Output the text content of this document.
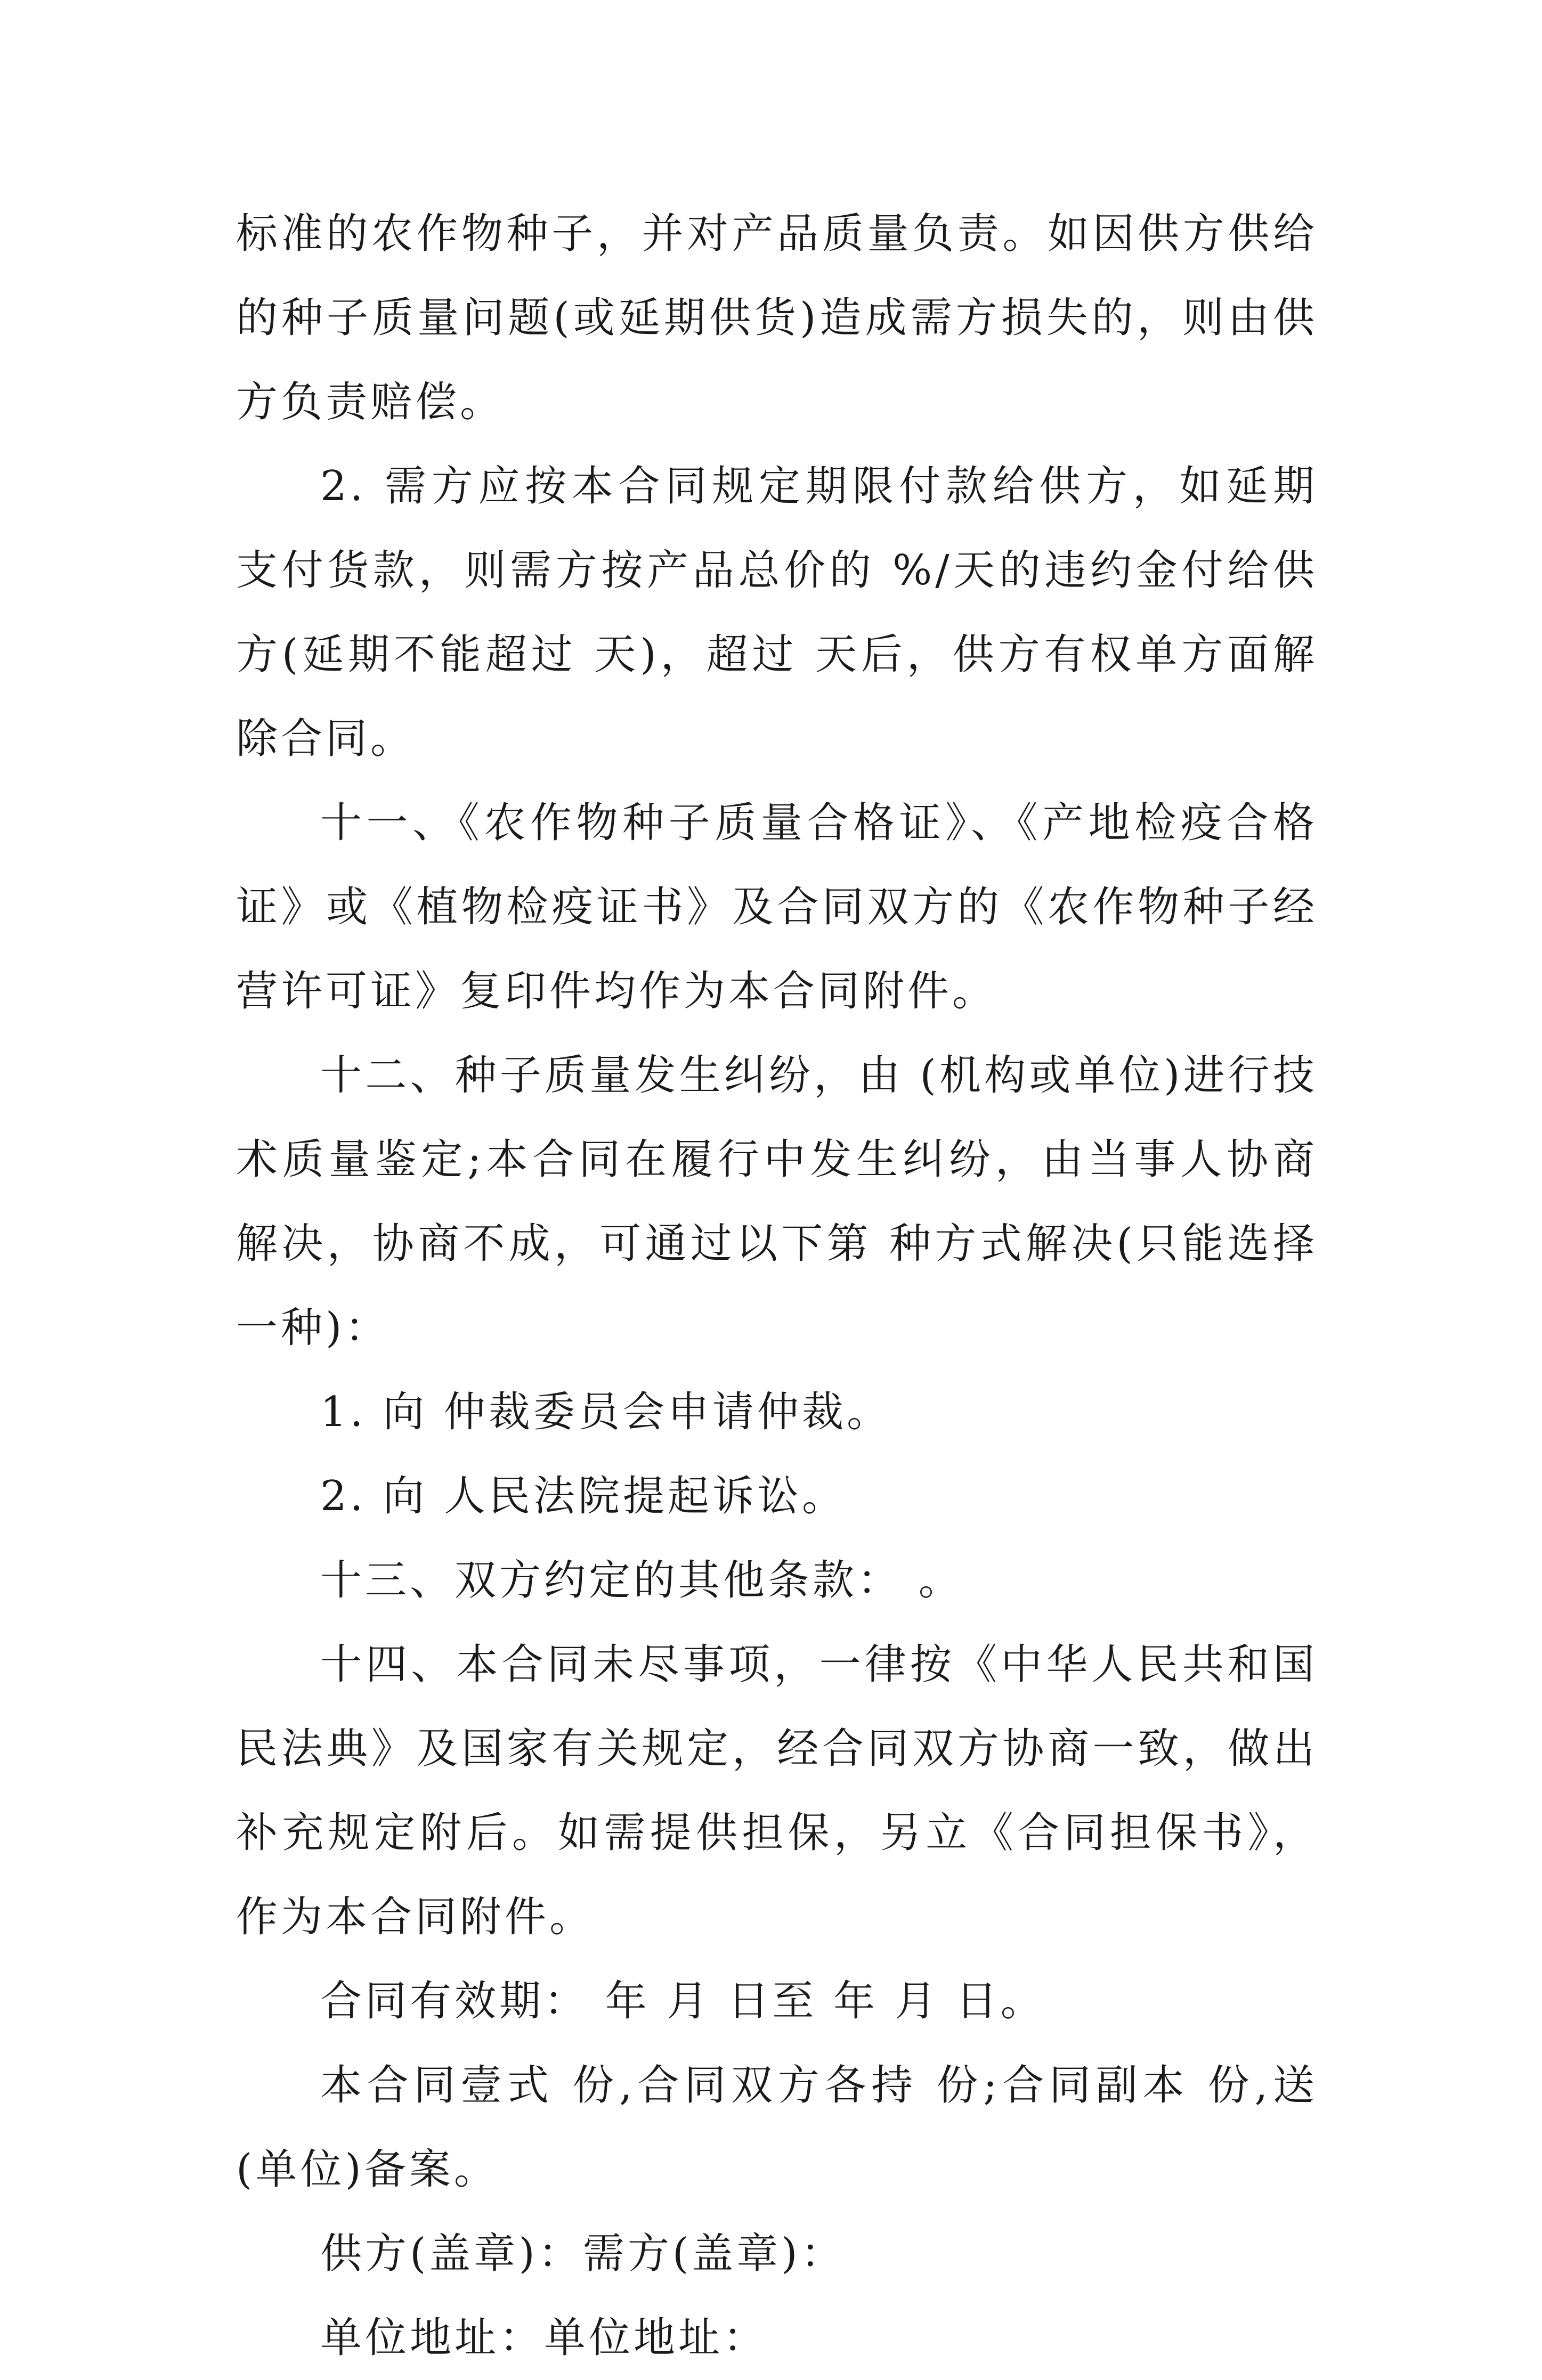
标准的农作物种子，并对产品质量负责。如因供方供给的种子质量问题(或延期供货)造成需方损失的，则由供方负责赔偿。

2. 需方应按本合同规定期限付款给供方，如延期支付货款，则需方按产品总价的 %/天的违约金付给供方(延期不能超过 天)，超过 天后，供方有权单方面解除合同。

十一、《农作物种子质量合格证》、《产地检疫合格证》或《植物检疫证书》及合同双方的《农作物种子经营许可证》复印件均作为本合同附件。

十二、种子质量发生纠纷，由 (机构或单位)进行技术质量鉴定;本合同在履行中发生纠纷，由当事人协商解决，协商不成，可通过以下第 种方式解决(只能选择一种)：

1. 向 仲裁委员会申请仲裁。

2. 向 人民法院提起诉讼。

十三、双方约定的其他条款： 。

十四、本合同未尽事项，一律按《中华人民共和国民法典》及国家有关规定，经合同双方协商一致，做出补充规定附后。如需提供担保，另立《合同担保书》，作为本合同附件。

合同有效期： 年 月 日至 年 月 日。

本合同壹式 份,合同双方各持 份;合同副本 份,送 (单位)备案。

供方(盖章)：需方(盖章)：

单位地址：单位地址：
